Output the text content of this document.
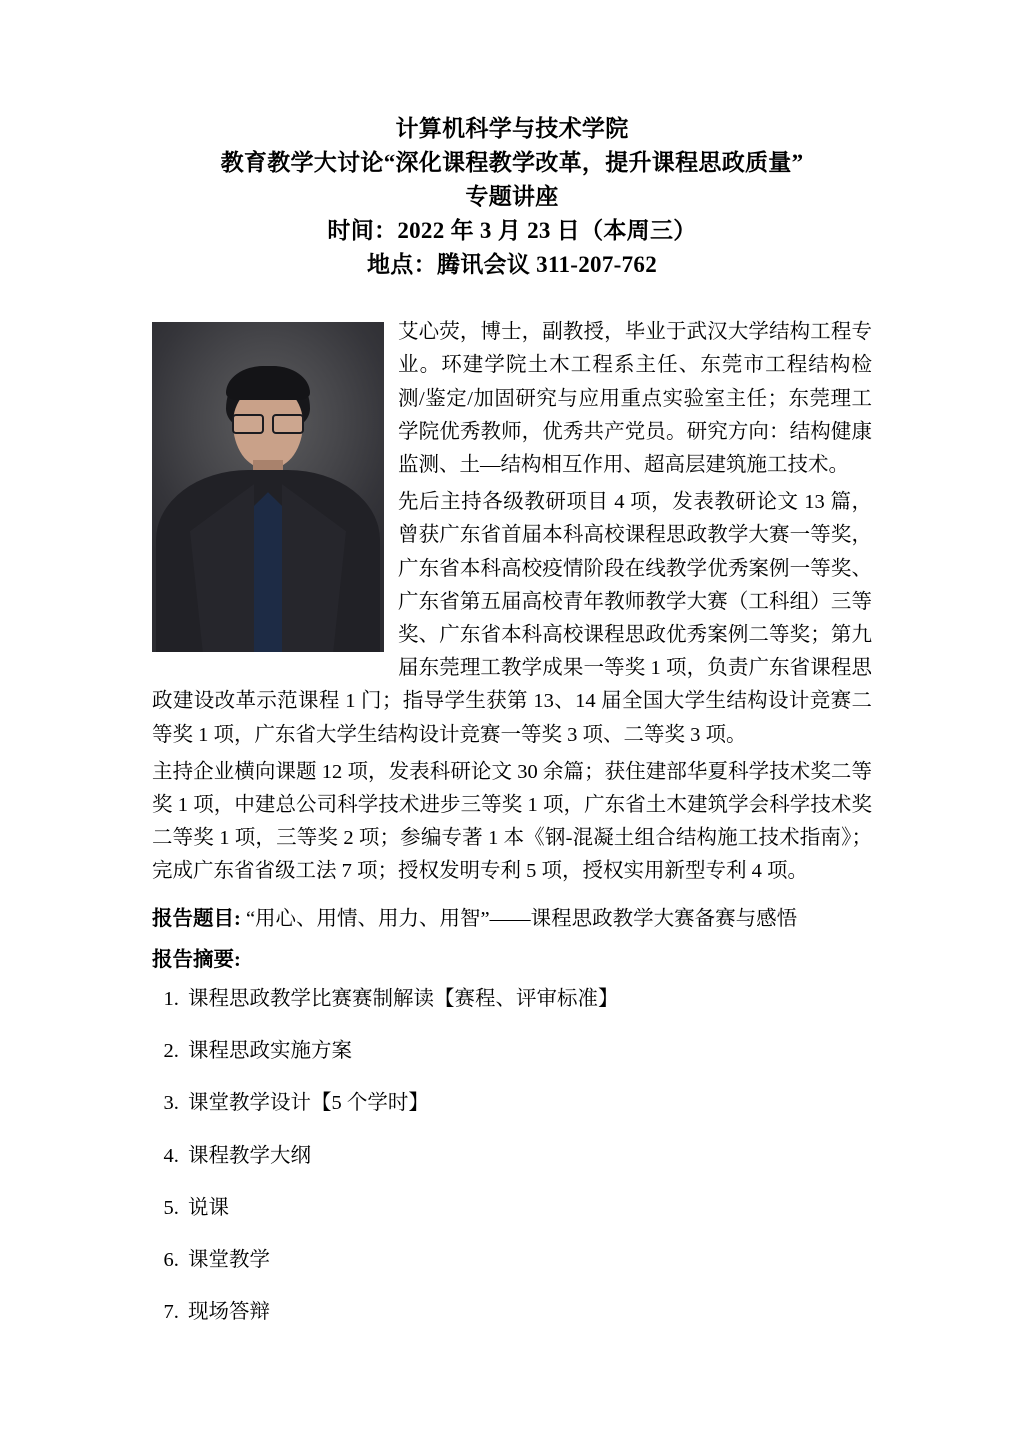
计算机科学与技术学院
教育教学大讨论“深化课程教学改革，提升课程思政质量”
专题讲座
时间：2022 年 3 月 23 日（本周三）
地点：腾讯会议 311-207-762

艾心荧，博士，副教授，毕业于武汉大学结构工程专业。环建学院土木工程系主任、东莞市工程结构检测/鉴定/加固研究与应用重点实验室主任；东莞理工学院优秀教师，优秀共产党员。研究方向：结构健康监测、土—结构相互作用、超高层建筑施工技术。

先后主持各级教研项目 4 项，发表教研论文 13 篇，曾获广东省首届本科高校课程思政教学大赛一等奖，广东省本科高校疫情阶段在线教学优秀案例一等奖、广东省第五届高校青年教师教学大赛（工科组）三等奖、广东省本科高校课程思政优秀案例二等奖；第九届东莞理工教学成果一等奖 1 项，负责广东省课程思政建设改革示范课程 1 门；指导学生获第 13、14 届全国大学生结构设计竞赛二等奖 1 项，广东省大学生结构设计竞赛一等奖 3 项、二等奖 3 项。

主持企业横向课题 12 项，发表科研论文 30 余篇；获住建部华夏科学技术奖二等奖 1 项，中建总公司科学技术进步三等奖 1 项，广东省土木建筑学会科学技术奖二等奖 1 项，三等奖 2 项；参编专著 1 本《钢-混凝土组合结构施工技术指南》；完成广东省省级工法 7 项；授权发明专利 5 项，授权实用新型专利 4 项。

报告题目: “用心、用情、用力、用智”——课程思政教学大赛备赛与感悟
报告摘要:
1. 课程思政教学比赛赛制解读【赛程、评审标准】
2. 课程思政实施方案
3. 课堂教学设计【5 个学时】
4. 课程教学大纲
5. 说课
6. 课堂教学
7. 现场答辩
